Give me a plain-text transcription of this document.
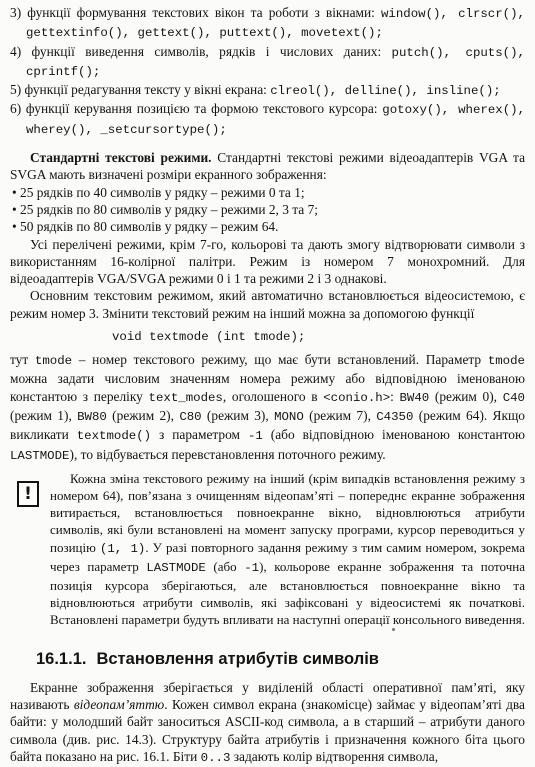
3) функції формування текстових вікон та роботи з вікнами: window(), clrscr(), gettextinfo(), gettext(), puttext(), movetext();

4) функції виведення символів, рядків і числових даних: putch(), cputs(), cprintf();

5) функції редагування тексту у вікні екрана: clreol(), delline(), insline();

6) функції керування позицією та формою текстового курсора: gotoxy(), wherex(), wherey(), _setcursortype();

Стандартні текстові режими. Стандартні текстові режими відеоадаптерів VGA та SVGA мають визначені розміри екранного зображення:

• 25 рядків по 40 символів у рядку – режими 0 та 1;

• 25 рядків по 80 символів у рядку – режими 2, 3 та 7;

• 50 рядків по 80 символів у рядку – режим 64.

Усі перелічені режими, крім 7-го, кольорові та дають змогу відтворювати символи з використанням 16-колірної палітри. Режим із номером 7 монохромний. Для відеоадаптерів VGA/SVGA режими 0 і 1 та режими 2 і 3 однакові.

Основним текстовим режимом, який автоматично встановлюється відеосистемою, є режим номер 3. Змінити текстовий режим на інший можна за допомогою функції

void textmode (int tmode);

тут tmode – номер текстового режиму, що має бути встановлений. Параметр tmode можна задати числовим значенням номера режиму або відповідною іменованою константою з переліку text_modes, оголошеного в <conio.h>: BW40 (режим 0), C40 (режим 1), BW80 (режим 2), C80 (режим 3), MONO (режим 7), C4350 (режим 64). Якщо викликати textmode() з параметром -1 (або відповідною іменованою константою LASTMODE), то відбувається перевстановлення поточного режиму.

!

Кожна зміна текстового режиму на інший (крім випадків встановлення режиму з номером 64), пов’язана з очищенням відеопам’яті – попереднє екранне зображення витирається, встановлюється повноекранне вікно, відновлюються атрибути символів, які були встановлені на момент запуску програми, курсор переводиться у позицію (1, 1). У разі повторного задання режиму з тим самим номером, зокрема через параметр LASTMODE (або -1), кольорове екранне зображення та поточна позиція курсора зберігаються, але встановлюється повноекранне вікно та відновлюються атрибути символів, які зафіксовані у відеосистемі як початкові. Встановлені параметри будуть впливати на наступні операції консольного виведення.

16.1.1. Встановлення атрибутів символів

Екранне зображення зберігається у виділеній області оперативної пам’яті, яку називають відеопам’яттю. Кожен символ екрана (знакомісце) займає у відеопам’яті два байти: у молодший байт заноситься ASCII-код символа, а в старший – атрибути даного символа (див. рис. 14.3). Структуру байта атрибутів і призначення кожного біта цього байта показано на рис. 16.1. Біти 0..3 задають колір відтворення символа,
